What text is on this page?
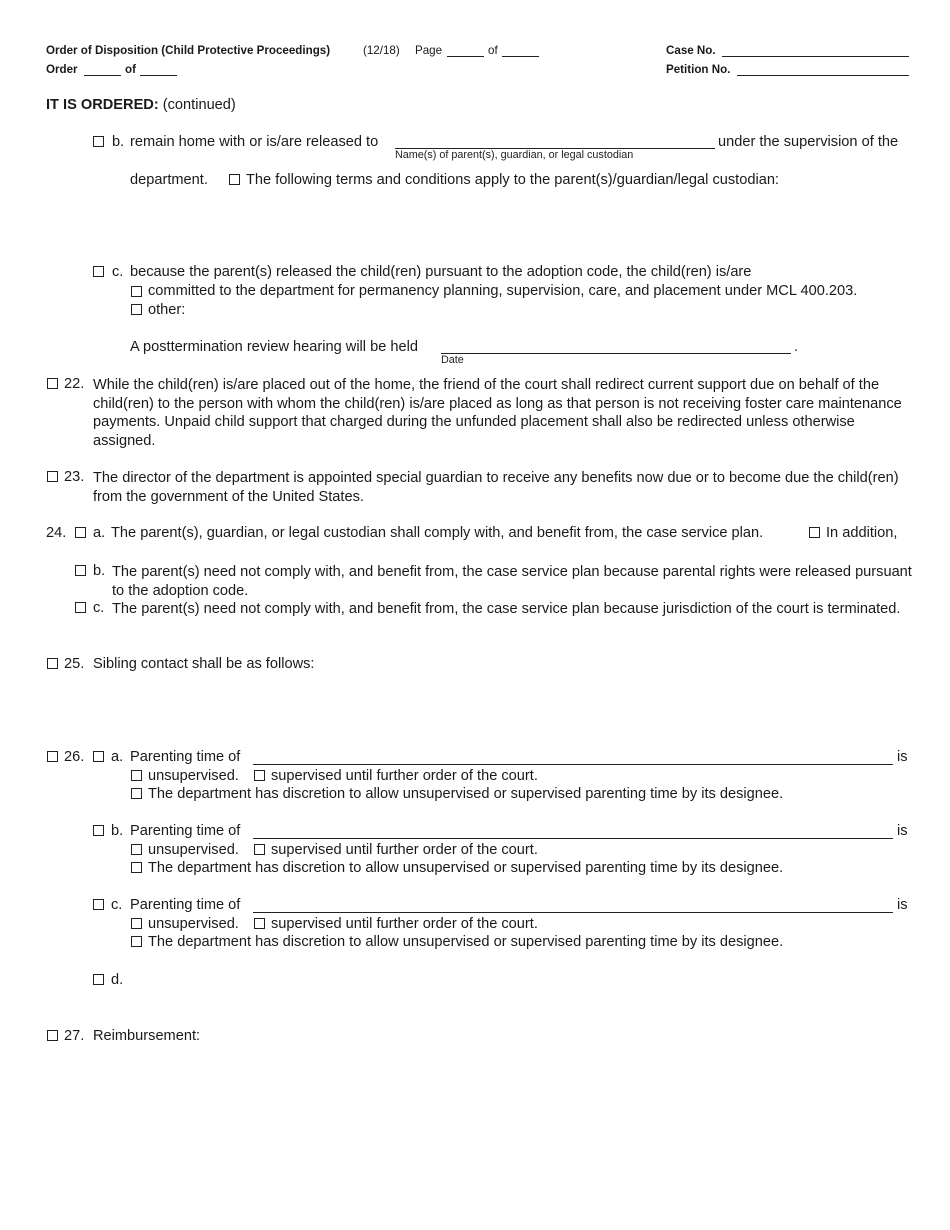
Order of Disposition (Child Protective Proceedings)	(12/18) Page	of
Order	of
Case No.
Petition No.
IT IS ORDERED: (continued)
b. remain home with or is/are released to
Name(s) of parent(s), guardian, or legal custodian
under the supervision of the
department.	The following terms and conditions apply to the parent(s)/guardian/legal custodian:
c. because the parent(s) released the child(ren) pursuant to the adoption code, the child(ren) is/are
committed to the department for permanency planning, supervision, care, and placement under MCL 400.203.
other:
A posttermination review hearing will be held
Date
.
22. While the child(ren) is/are placed out of the home, the friend of the court shall redirect current support due on behalf of the child(ren) to the person with whom the child(ren) is/are placed as long as that person is not receiving foster care maintenance payments. Unpaid child support that charged during the unfunded placement shall also be redirected unless otherwise assigned.
23. The director of the department is appointed special guardian to receive any benefits now due or to become due the child(ren) from the government of the United States.
24. a. The parent(s), guardian, or legal custodian shall comply with, and benefit from, the case service plan.	In addition,
b. The parent(s) need not comply with, and benefit from, the case service plan because parental rights were released pursuant to the adoption code.
c. The parent(s) need not comply with, and benefit from, the case service plan because jurisdiction of the court is terminated.
25. Sibling contact shall be as follows:
26. a. Parenting time of	is
unsupervised. supervised until further order of the court.
The department has discretion to allow unsupervised or supervised parenting time by its designee.
b. Parenting time of	is
unsupervised. supervised until further order of the court.
The department has discretion to allow unsupervised or supervised parenting time by its designee.
c. Parenting time of	is
unsupervised. supervised until further order of the court.
The department has discretion to allow unsupervised or supervised parenting time by its designee.
d.
27. Reimbursement:
